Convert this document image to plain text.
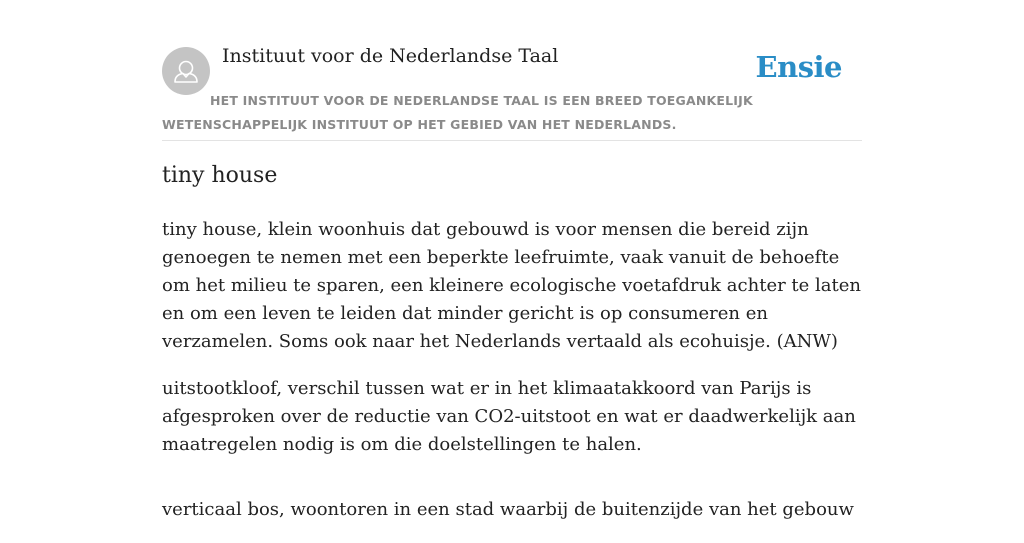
Instituut voor de Nederlandse Taal	Ensie
HET INSTITUUT VOOR DE NEDERLANDSE TAAL IS EEN BREED TOEGANKELIJK WETENSCHAPPELIJK INSTITUUT OP HET GEBIED VAN HET NEDERLANDS.
tiny house

tiny house, klein woonhuis dat gebouwd is voor mensen die bereid zijn genoegen te nemen met een beperkte leefruimte, vaak vanuit de behoefte om het milieu te sparen, een kleinere ecologische voetafdruk achter te laten en om een leven te leiden dat minder gericht is op consumeren en verzamelen. Soms ook naar het Nederlands vertaald als ecohuisje. (ANW)

uitstootkloof, verschil tussen wat er in het klimaatakkoord van Parijs is afgesproken over de reductie van CO2-uitstoot en wat er daadwerkelijk aan maatregelen nodig is om die doelstellingen te halen.

verticaal bos, woontoren in een stad waarbij de buitenzijde van het gebouw
